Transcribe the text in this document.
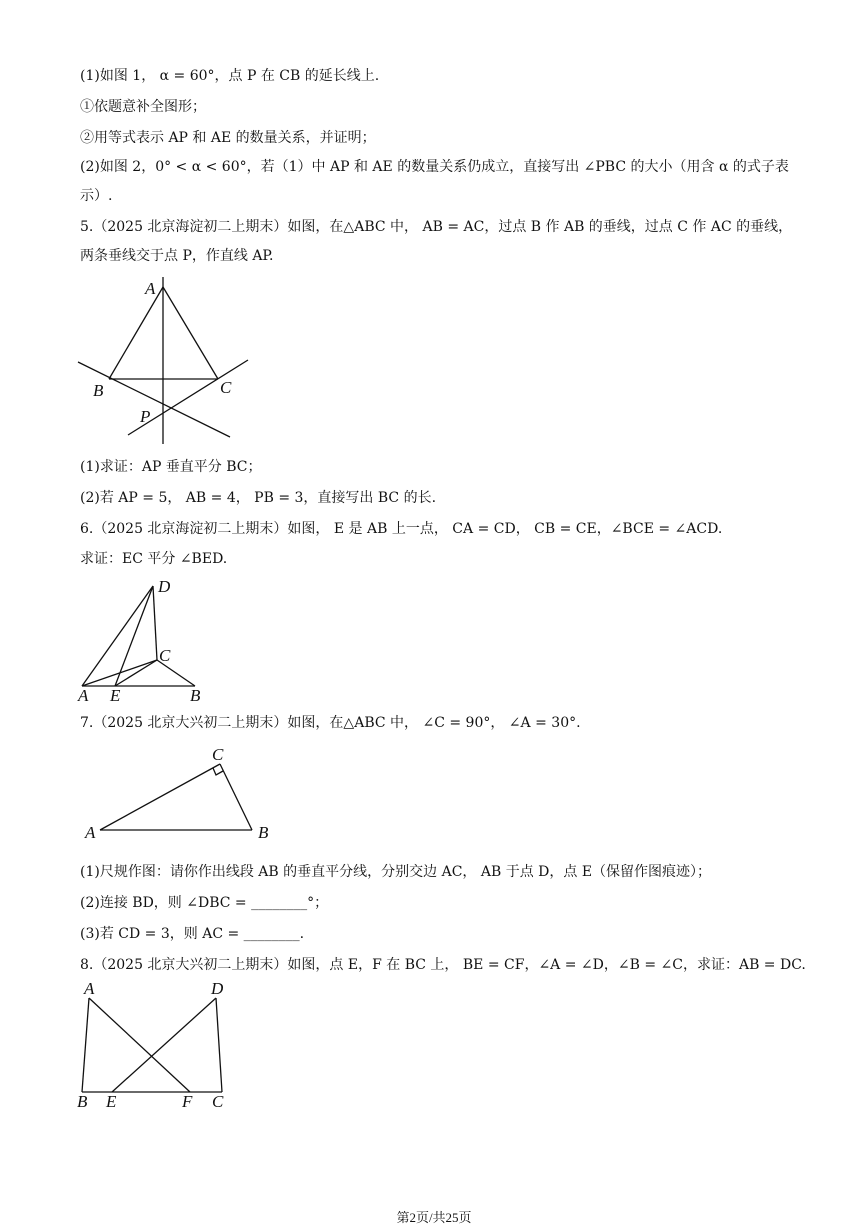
(1)如图 1， α = 60°，点 P 在 CB 的延长线上.
①依题意补全图形；
②用等式表示 AP 和 AE 的数量关系，并证明；
(2)如图 2，0° < α < 60°，若（1）中 AP 和 AE 的数量关系仍成立，直接写出 ∠PBC 的大小（用含 α 的式子表
示）.
5.（2025 北京海淀初二上期末）如图，在△ABC 中， AB = AC，过点 B 作 AB 的垂线，过点 C 作 AC 的垂线，
两条垂线交于点 P，作直线 AP.
A
B	C
P
(1)求证：AP 垂直平分 BC；
(2)若 AP = 5， AB = 4， PB = 3，直接写出 BC 的长.
6.（2025 北京海淀初二上期末）如图， E 是 AB 上一点， CA = CD， CB = CE，∠BCE = ∠ACD.
求证：EC 平分 ∠BED.
D
C
A E	B
7.（2025 北京大兴初二上期末）如图，在△ABC 中， ∠C = 90°， ∠A = 30°.
C
A	B
(1)尺规作图：请你作出线段 AB 的垂直平分线，分别交边 AC， AB 于点 D，点 E（保留作图痕迹）；
(2)连接 BD，则 ∠DBC = ________°；
(3)若 CD = 3，则 AC = ________.
8.（2025 北京大兴初二上期末）如图，点 E，F 在 BC 上， BE = CF，∠A = ∠D，∠B = ∠C，求证：AB = DC.
A	D
B E	F C
第2页/共25页
